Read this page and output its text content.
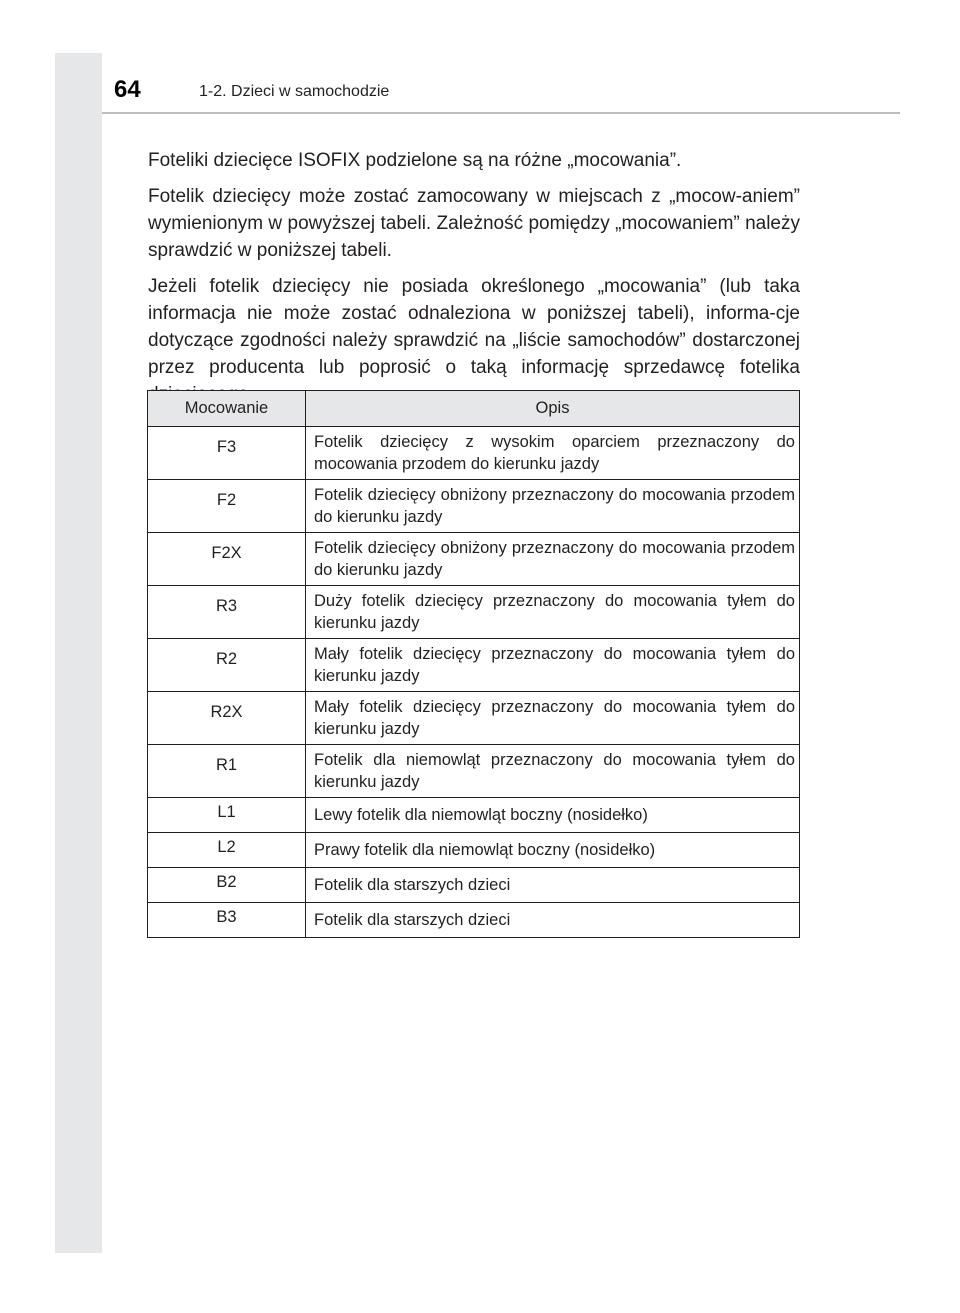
64	1-2. Dzieci w samochodzie

Foteliki dziecięce ISOFIX podzielone są na różne „mocowania”.

Fotelik dziecięcy może zostać zamocowany w miejscach z „mocow-aniem” wymienionym w powyższej tabeli. Zależność pomiędzy „mocowaniem” należy sprawdzić w poniższej tabeli.

Jeżeli fotelik dziecięcy nie posiada określonego „mocowania” (lub taka informacja nie może zostać odnaleziona w poniższej tabeli), informa-cje dotyczące zgodności należy sprawdzić na „liście samochodów” dostarczonej przez producenta lub poprosić o taką informację sprzedawcę fotelika

Mocowanie	Opis
F3	Fotelik dziecięcy z wysokim oparciem przeznaczony do mocowania przodem do kierunku jazdy
F2	Fotelik dziecięcy obniżony przeznaczony do mocowania przodem do kierunku jazdy
F2X	Fotelik dziecięcy obniżony przeznaczony do mocowania przodem do kierunku jazdy
R3	Duży fotelik dziecięcy przeznaczony do mocowania tyłem do kierunku jazdy
R2	Mały fotelik dziecięcy przeznaczony do mocowania tyłem do kierunku jazdy
R2X	Mały fotelik dziecięcy przeznaczony do mocowania tyłem do kierunku jazdy
R1	Fotelik dla niemowląt przeznaczony do mocowania tyłem do kierunku jazdy
L1	Lewy fotelik dla niemowląt boczny (nosidełko)
L2	Prawy fotelik dla niemowląt boczny (nosidełko)
B2	Fotelik dla starszych dzieci
B3	Fotelik dla starszych dzieci
